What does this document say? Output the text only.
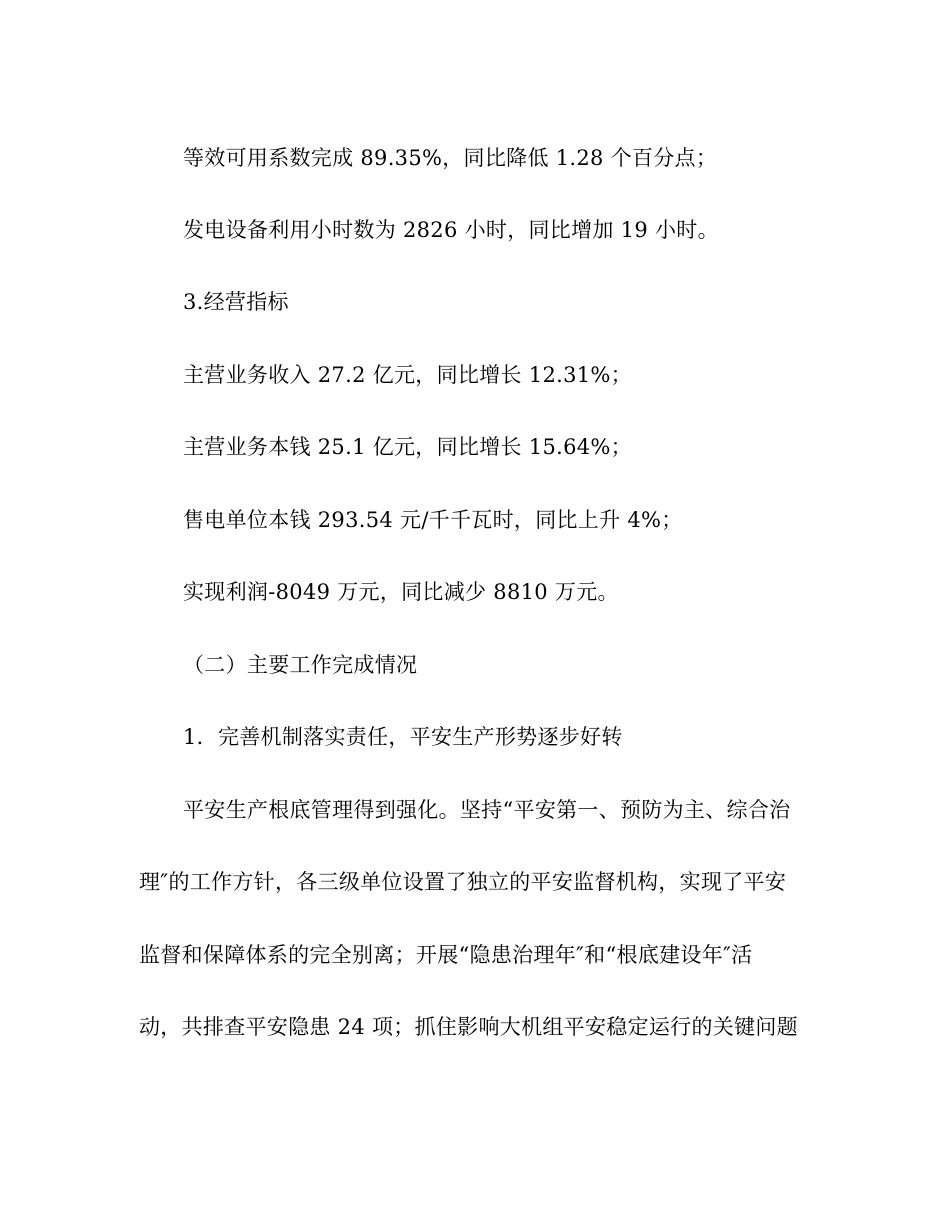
等效可用系数完成 89.35%，同比降低 1.28 个百分点；
发电设备利用小时数为 2826 小时，同比增加 19 小时。
3.经营指标
主营业务收入 27.2 亿元，同比增长 12.31%；
主营业务本钱 25.1 亿元，同比增长 15.64%；
售电单位本钱 293.54 元/千千瓦时，同比上升 4%；
实现利润-8049 万元，同比减少 8810 万元。
（二）主要工作完成情况
1．完善机制落实责任，平安生产形势逐步好转
平安生产根底管理得到强化。坚持“平安第一、预防为主、综合治
理″的工作方针，各三级单位设置了独立的平安监督机构，实现了平安
监督和保障体系的完全别离；开展“隐患治理年″和“根底建设年″活
动，共排查平安隐患 24 项；抓住影响大机组平安稳定运行的关键问题
